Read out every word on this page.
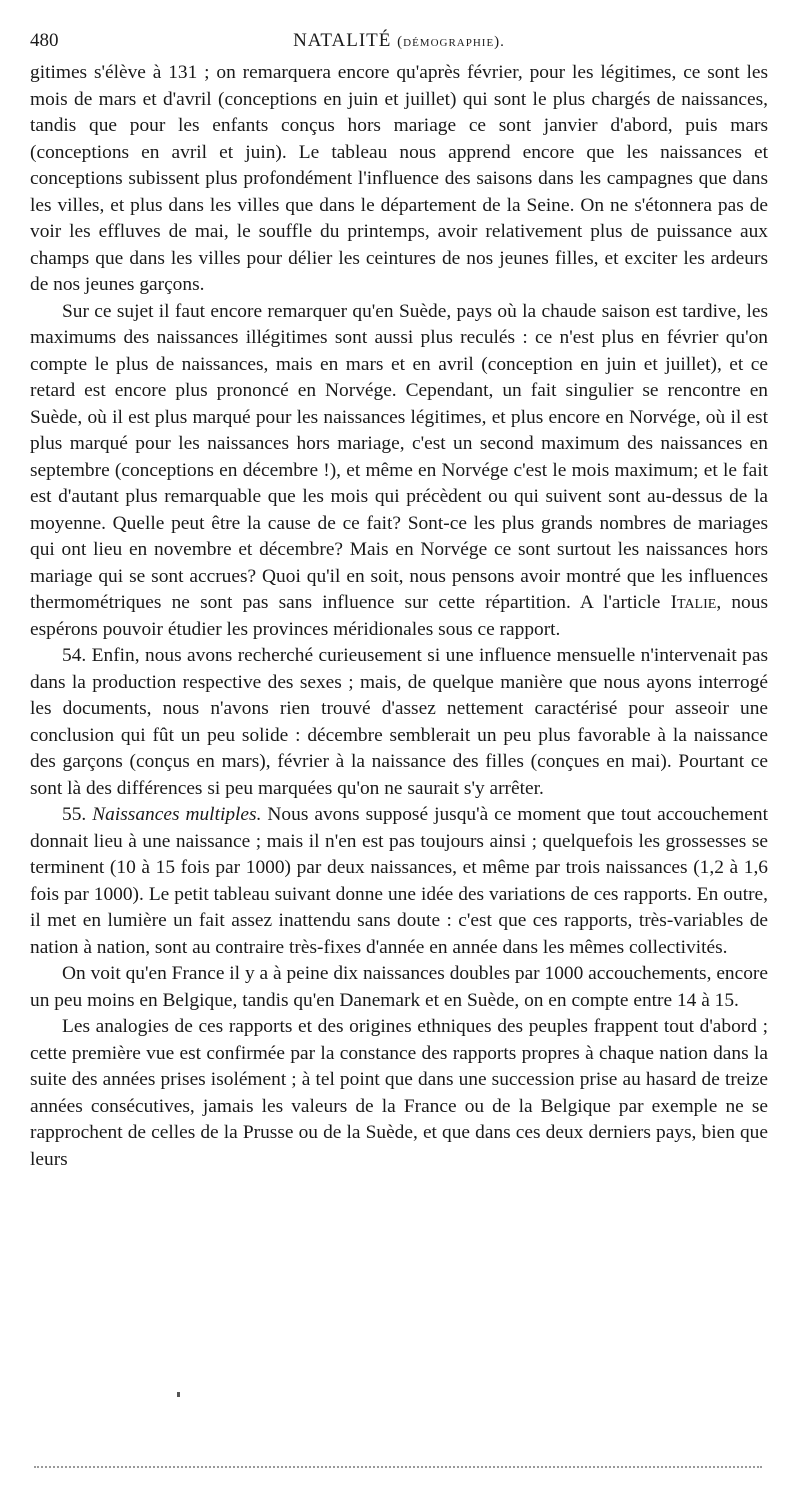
480	NATALITÉ (démographie).

gitimes s'élève à 131 ; on remarquera encore qu'après février, pour les légitimes, ce sont les mois de mars et d'avril (conceptions en juin et juillet) qui sont le plus chargés de naissances, tandis que pour les enfants conçus hors mariage ce sont janvier d'abord, puis mars (conceptions en avril et juin). Le tableau nous apprend encore que les naissances et conceptions subissent plus profondément l'influence des saisons dans les campagnes que dans les villes, et plus dans les villes que dans le département de la Seine. On ne s'étonnera pas de voir les effluves de mai, le souffle du printemps, avoir relativement plus de puissance aux champs que dans les villes pour délier les ceintures de nos jeunes filles, et exciter les ardeurs de nos jeunes garçons.

Sur ce sujet il faut encore remarquer qu'en Suède, pays où la chaude saison est tardive, les maximums des naissances illégitimes sont aussi plus reculés : ce n'est plus en février qu'on compte le plus de naissances, mais en mars et en avril (conception en juin et juillet), et ce retard est encore plus prononcé en Norvége. Cependant, un fait singulier se rencontre en Suède, où il est plus marqué pour les naissances légitimes, et plus encore en Norvége, où il est plus marqué pour les naissances hors mariage, c'est un second maximum des naissances en septembre (conceptions en décembre !), et même en Norvége c'est le mois maximum; et le fait est d'autant plus remarquable que les mois qui précèdent ou qui suivent sont au-dessus de la moyenne. Quelle peut être la cause de ce fait? Sont-ce les plus grands nombres de mariages qui ont lieu en novembre et décembre? Mais en Norvége ce sont surtout les naissances hors mariage qui se sont accrues? Quoi qu'il en soit, nous pensons avoir montré que les influences thermométriques ne sont pas sans influence sur cette répartition. A l'article Italie, nous espérons pouvoir étudier les provinces méridionales sous ce rapport.

54. Enfin, nous avons recherché curieusement si une influence mensuelle n'intervenait pas dans la production respective des sexes ; mais, de quelque manière que nous ayons interrogé les documents, nous n'avons rien trouvé d'assez nettement caractérisé pour asseoir une conclusion qui fût un peu solide : décembre semblerait un peu plus favorable à la naissance des garçons (conçus en mars), février à la naissance des filles (conçues en mai). Pourtant ce sont là des différences si peu marquées qu'on ne saurait s'y arrêter.

55. Naissances multiples. Nous avons supposé jusqu'à ce moment que tout accouchement donnait lieu à une naissance ; mais il n'en est pas toujours ainsi ; quelquefois les grossesses se terminent (10 à 15 fois par 1000) par deux naissances, et même par trois naissances (1,2 à 1,6 fois par 1000). Le petit tableau suivant donne une idée des variations de ces rapports. En outre, il met en lumière un fait assez inattendu sans doute : c'est que ces rapports, très-variables de nation à nation, sont au contraire très-fixes d'année en année dans les mêmes collectivités.

On voit qu'en France il y a à peine dix naissances doubles par 1000 accouchements, encore un peu moins en Belgique, tandis qu'en Danemark et en Suède, on en compte entre 14 à 15.

Les analogies de ces rapports et des origines ethniques des peuples frappent tout d'abord ; cette première vue est confirmée par la constance des rapports propres à chaque nation dans la suite des années prises isolément ; à tel point que dans une succession prise au hasard de treize années consécutives, jamais les valeurs de la France ou de la Belgique par exemple ne se rapprochent de celles de la Prusse ou de la Suède, et que dans ces deux derniers pays, bien que leurs
